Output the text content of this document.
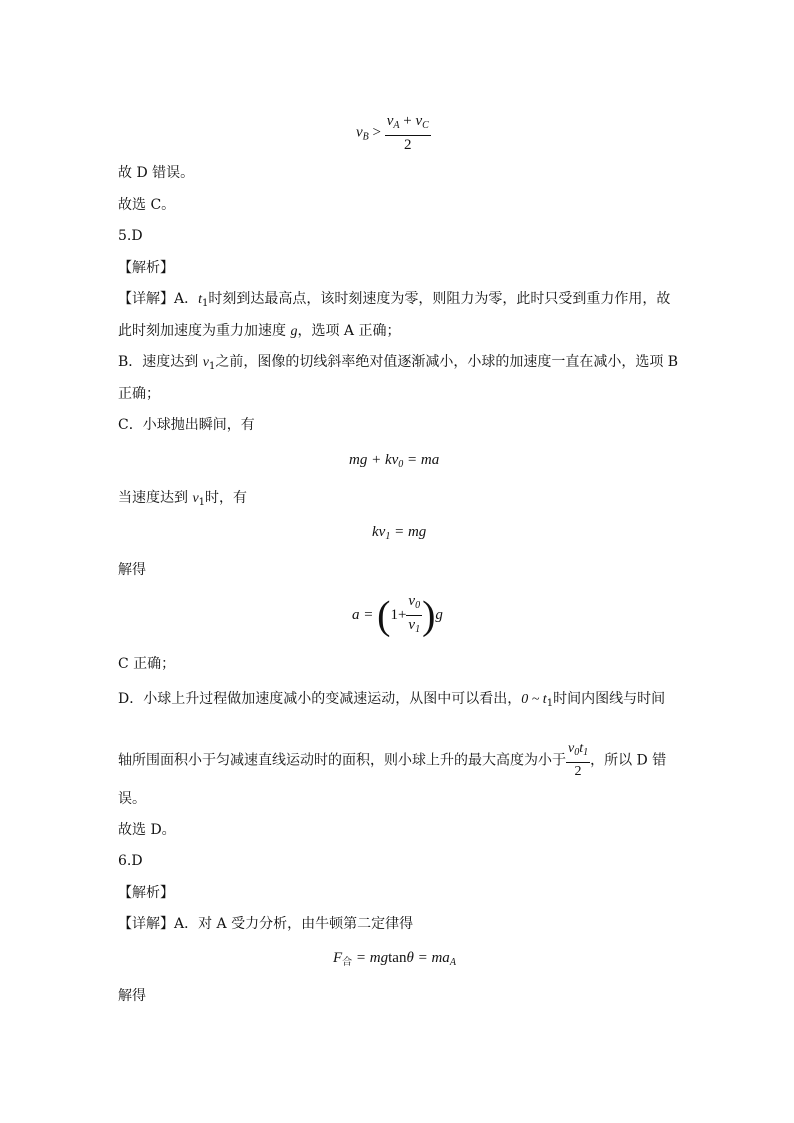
$v_B > \frac{v_A + v_C}{2}$
故 D 错误。
故选 C。
5.D
【解析】
【详解】A．$t_1$时刻到达最高点，该时刻速度为零，则阻力为零，此时只受到重力作用，故
此时刻加速度为重力加速度 g，选项 A 正确；
B．速度达到 $v_1$之前，图像的切线斜率绝对值逐渐减小，小球的加速度一直在减小，选项 B
正确；
C．小球抛出瞬间，有
mg + $kv_0$ = ma
当速度达到 $v_1$时，有
$kv_1$ = mg
解得
$a = (1+ \frac{v_0}{v_1} )g$
C 正确；
D．小球上升过程做加速度减小的变减速运动，从图中可以看出，0 ~ $t_1$时间内图线与时间
轴所围面积小于匀减速直线运动时的面积，则小球上升的最大高度为小于 $\frac{v_0t_1}{2}$ ，所以 D 错
误。
故选 D。
6.D
【解析】
【详解】A．对 A 受力分析，由牛顿第二定律得
$F_合 = mgtan\theta = ma_A$
解得
